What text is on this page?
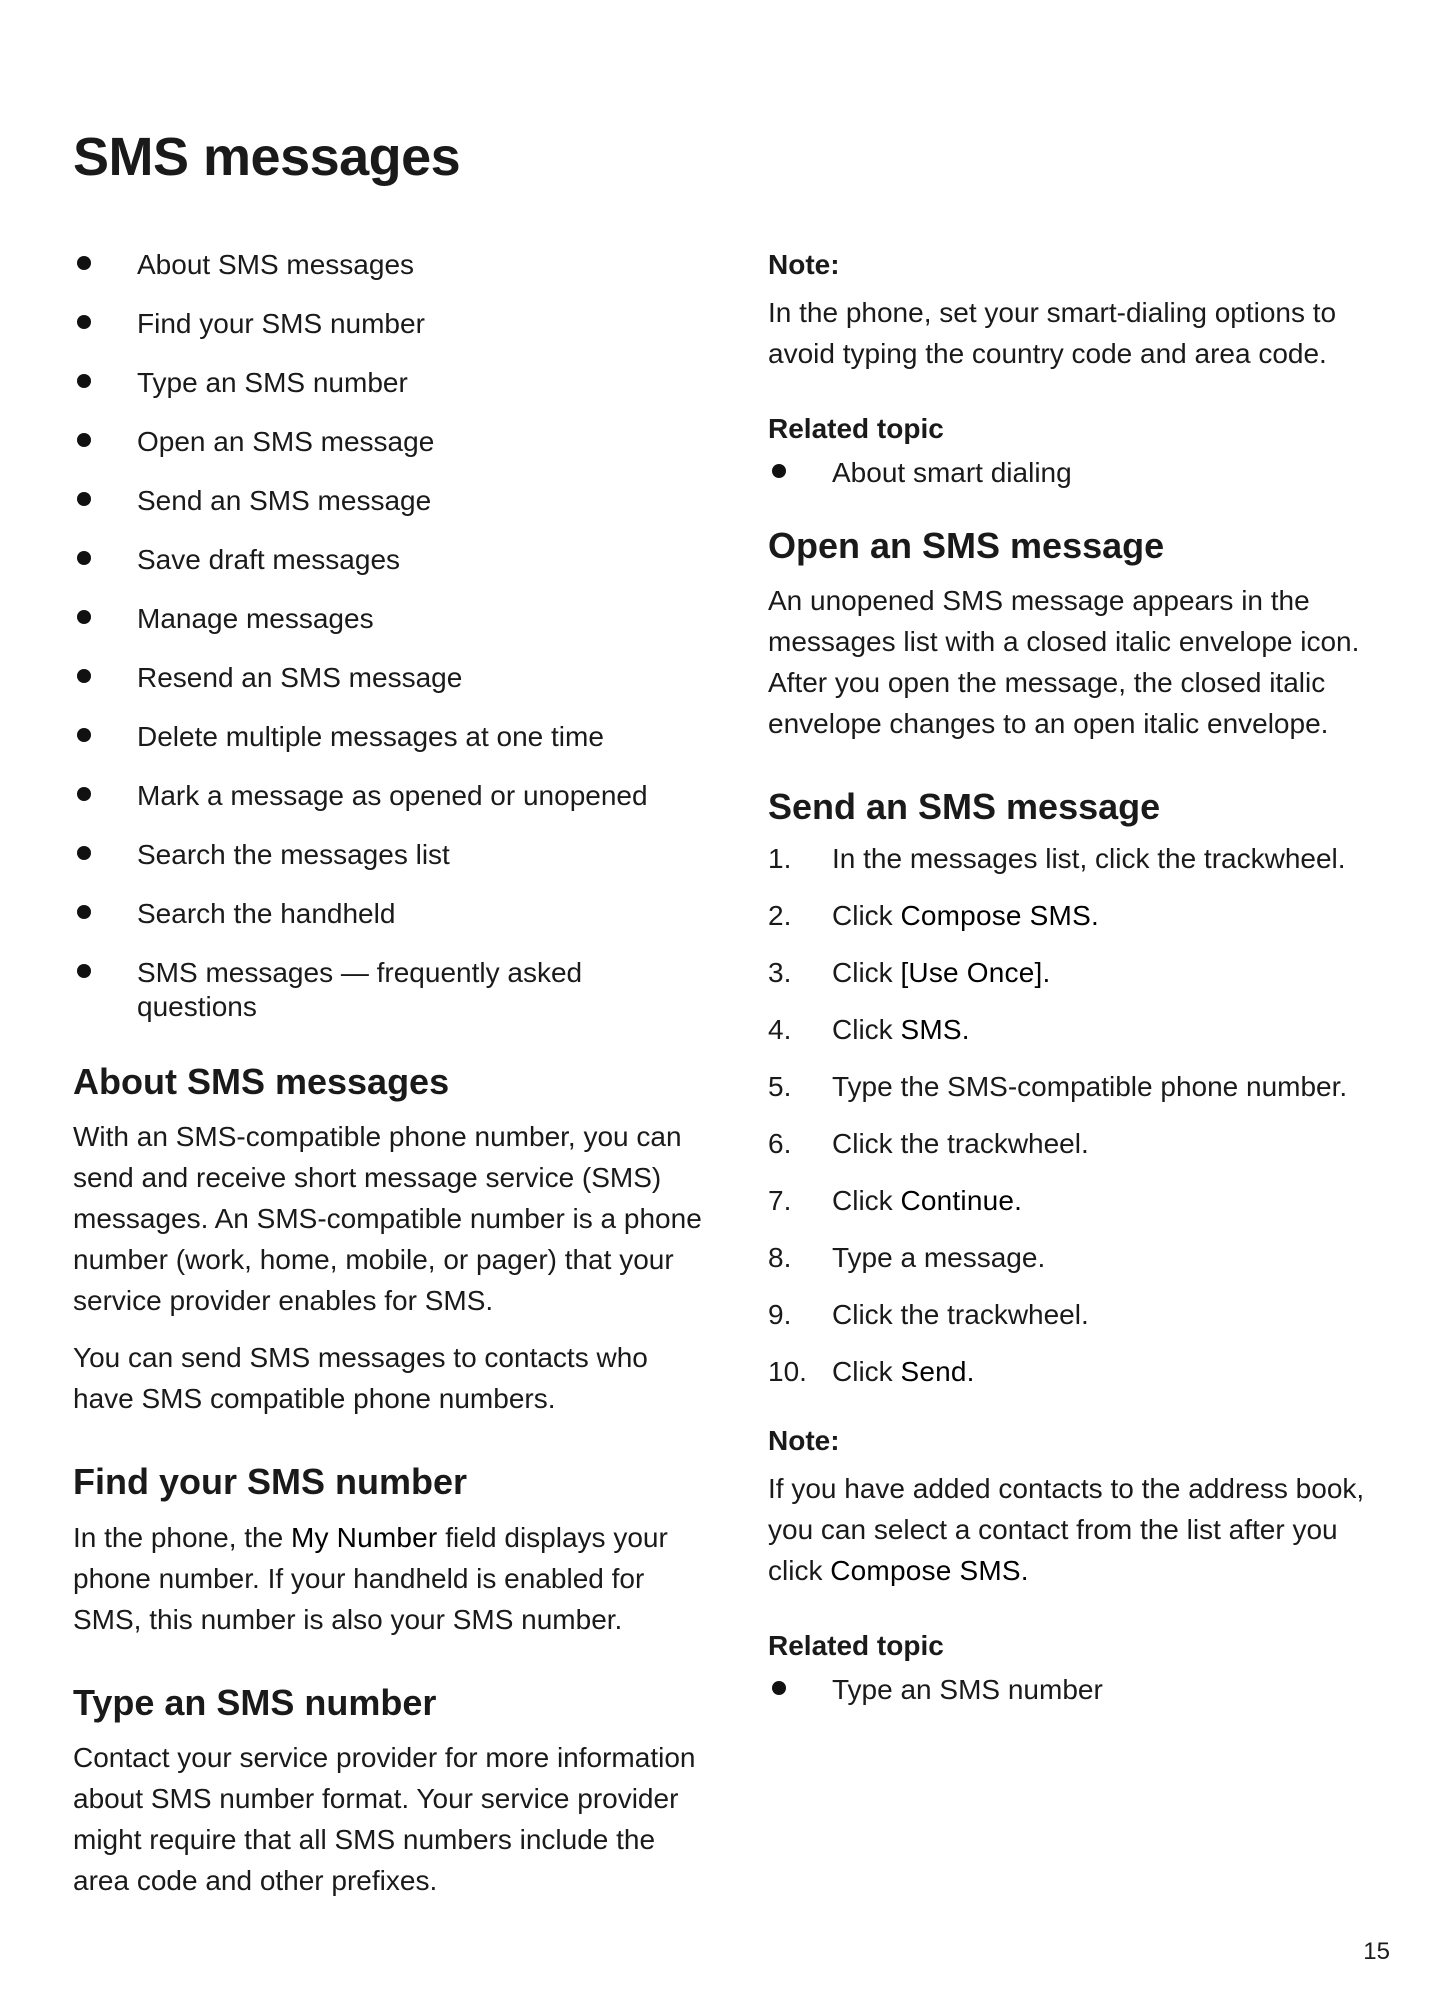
SMS messages
About SMS messages
Find your SMS number
Type an SMS number
Open an SMS message
Send an SMS message
Save draft messages
Manage messages
Resend an SMS message
Delete multiple messages at one time
Mark a message as opened or unopened
Search the messages list
Search the handheld
SMS messages — frequently asked questions
About SMS messages

With an SMS-compatible phone number, you can send and receive short message service (SMS) messages. An SMS-compatible number is a phone number (work, home, mobile, or pager) that your service provider enables for SMS.

You can send SMS messages to contacts who have SMS compatible phone numbers.

Find your SMS number

In the phone, the My Number field displays your phone number. If your handheld is enabled for SMS, this number is also your SMS number.

Type an SMS number

Contact your service provider for more information about SMS number format. Your service provider might require that all SMS numbers include the area code and other prefixes.

Note:

In the phone, set your smart-dialing options to avoid typing the country code and area code.

Related topic
About smart dialing
Open an SMS message

An unopened SMS message appears in the messages list with a closed italic envelope icon. After you open the message, the closed italic envelope changes to an open italic envelope.

Send an SMS message
1. In the messages list, click the trackwheel.
2. Click Compose SMS.
3. Click [Use Once].
4. Click SMS.
5. Type the SMS-compatible phone number.
6. Click the trackwheel.
7. Click Continue.
8. Type a message.
9. Click the trackwheel.
10. Click Send.
Note:

If you have added contacts to the address book, you can select a contact from the list after you click Compose SMS.

Related topic
Type an SMS number
15
